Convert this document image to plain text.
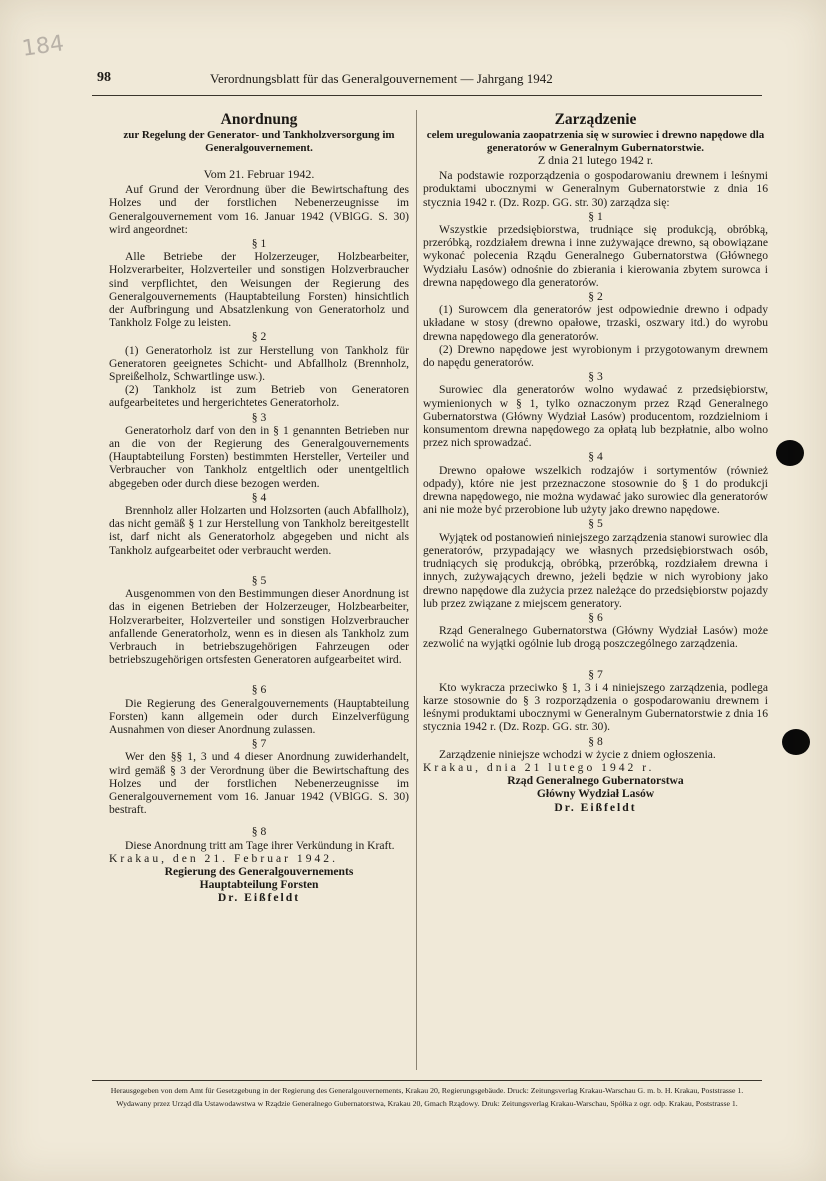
184
98	Verordnungsblatt für das Generalgouvernement — Jahrgang 1942

Anordnung

zur Regelung der Generator- und Tankholzversorgung im Generalgouvernement.

Vom 21. Februar 1942.

Auf Grund der Verordnung über die Bewirtschaftung des Holzes und der forstlichen Nebenerzeugnisse im Generalgouvernement vom 16. Januar 1942 (VBlGG. S. 30) wird angeordnet:

§ 1

Alle Betriebe der Holzerzeuger, Holzbearbeiter, Holzverarbeiter, Holzverteiler und sonstigen Holzverbraucher sind verpflichtet, den Weisungen der Regierung des Generalgouvernements (Hauptabteilung Forsten) hinsichtlich der Aufbringung und Absatzlenkung von Generatorholz und Tankholz Folge zu leisten.

§ 2

(1) Generatorholz ist zur Herstellung von Tankholz für Generatoren geeignetes Schicht- und Abfallholz (Brennholz, Spreißelholz, Schwartlinge usw.).

(2) Tankholz ist zum Betrieb von Generatoren aufgearbeitetes und hergerichtetes Generatorholz.

§ 3

Generatorholz darf von den in § 1 genannten Betrieben nur an die von der Regierung des Generalgouvernements (Hauptabteilung Forsten) bestimmten Hersteller, Verteiler und Verbraucher von Tankholz entgeltlich oder unentgeltlich abgegeben oder durch diese bezogen werden.

§ 4

Brennholz aller Holzarten und Holzsorten (auch Abfallholz), das nicht gemäß § 1 zur Herstellung von Tankholz bereitgestellt ist, darf nicht als Generatorholz abgegeben und nicht als Tankholz aufgearbeitet oder verbraucht werden.

§ 5

Ausgenommen von den Bestimmungen dieser Anordnung ist das in eigenen Betrieben der Holzerzeuger, Holzbearbeiter, Holzverarbeiter, Holzverteiler und sonstigen Holzverbraucher anfallende Generatorholz, wenn es in diesen als Tankholz zum Verbrauch in betriebszugehörigen Fahrzeugen oder betriebszugehörigen ortsfesten Generatoren aufgearbeitet wird.

§ 6

Die Regierung des Generalgouvernements (Hauptabteilung Forsten) kann allgemein oder durch Einzelverfügung Ausnahmen von dieser Anordnung zulassen.

§ 7

Wer den §§ 1, 3 und 4 dieser Anordnung zuwiderhandelt, wird gemäß § 3 der Verordnung über die Bewirtschaftung des Holzes und der forstlichen Nebenerzeugnisse im Generalgouvernement vom 16. Januar 1942 (VBlGG. S. 30) bestraft.

§ 8

Diese Anordnung tritt am Tage ihrer Verkündung in Kraft.

Krakau, den 21. Februar 1942.

Regierung des Generalgouvernements

Hauptabteilung Forsten

Dr. Eißfeldt

Zarządzenie

celem uregulowania zaopatrzenia się w surowiec i drewno napędowe dla generatorów w Generalnym Gubernatorstwie.

Z dnia 21 lutego 1942 r.

Na podstawie rozporządzenia o gospodarowaniu drewnem i leśnymi produktami ubocznymi w Generalnym Gubernatorstwie z dnia 16 stycznia 1942 r. (Dz. Rozp. GG. str. 30) zarządza się:

§ 1

Wszystkie przedsiębiorstwa, trudniące się produkcją, obróbką, przeróbką, rozdziałem drewna i inne zużywające drewno, są obowiązane wykonać polecenia Rządu Generalnego Gubernatorstwa (Głównego Wydziału Lasów) odnośnie do zbierania i kierowania zbytem surowca i drewna napędowego dla generatorów.

§ 2

(1) Surowcem dla generatorów jest odpowiednie drewno i odpady układane w stosy (drewno opałowe, trzaski, oszwary itd.) do wyrobu drewna napędowego dla generatorów.

(2) Drewno napędowe jest wyrobionym i przygotowanym drewnem do napędu generatorów.

§ 3

Surowiec dla generatorów wolno wydawać z przedsiębiorstw, wymienionych w § 1, tylko oznaczonym przez Rząd Generalnego Gubernatorstwa (Główny Wydział Lasów) producentom, rozdzielniom i konsumentom drewna napędowego za opłatą lub bezpłatnie, albo wolno przez nich sprowadzać.

§ 4

Drewno opałowe wszelkich rodzajów i sortymentów (również odpady), które nie jest przeznaczone stosownie do § 1 do produkcji drewna napędowego, nie można wydawać jako surowiec dla generatorów ani nie może być przerobione lub użyty jako drewno napędowe.

§ 5

Wyjątek od postanowień niniejszego zarządzenia stanowi surowiec dla generatorów, przypadający we własnych przedsiębiorstwach osób, trudniących się produkcją, obróbką, przeróbką, rozdziałem drewna i innych, zużywających drewno, jeżeli będzie w nich wyrobiony jako drewno napędowe dla zużycia przez należące do przedsiębiorstw pojazdy lub przez związane z miejscem generatory.

§ 6

Rząd Generalnego Gubernatorstwa (Główny Wydział Lasów) może zezwolić na wyjątki ogólnie lub drogą poszczególnego zarządzenia.

§ 7

Kto wykracza przeciwko § 1, 3 i 4 niniejszego zarządzenia, podlega karze stosownie do § 3 rozporządzenia o gospodarowaniu drewnem i leśnymi produktami ubocznymi w Generalnym Gubernatorstwie z dnia 16 stycznia 1942 r. (Dz. Rozp. GG. str. 30).

§ 8

Zarządzenie niniejsze wchodzi w życie z dniem ogłoszenia.

Krakau, dnia 21 lutego 1942 r.

Rząd Generalnego Gubernatorstwa

Główny Wydział Lasów

Dr. Eißfeldt

Herausgegeben von dem Amt für Gesetzgebung in der Regierung des Generalgouvernements, Krakau 20, Regierungsgebäude. Druck: Zeitungsverlag Krakau-Warschau G. m. b. H. Krakau, Poststrasse 1.

Wydawany przez Urząd dla Ustawodawstwa w Rządzie Generalnego Gubernatorstwa, Krakau 20, Gmach Rządowy. Druk: Zeitungsverlag Krakau-Warschau, Spółka z ogr. odp. Krakau, Poststrasse 1.
